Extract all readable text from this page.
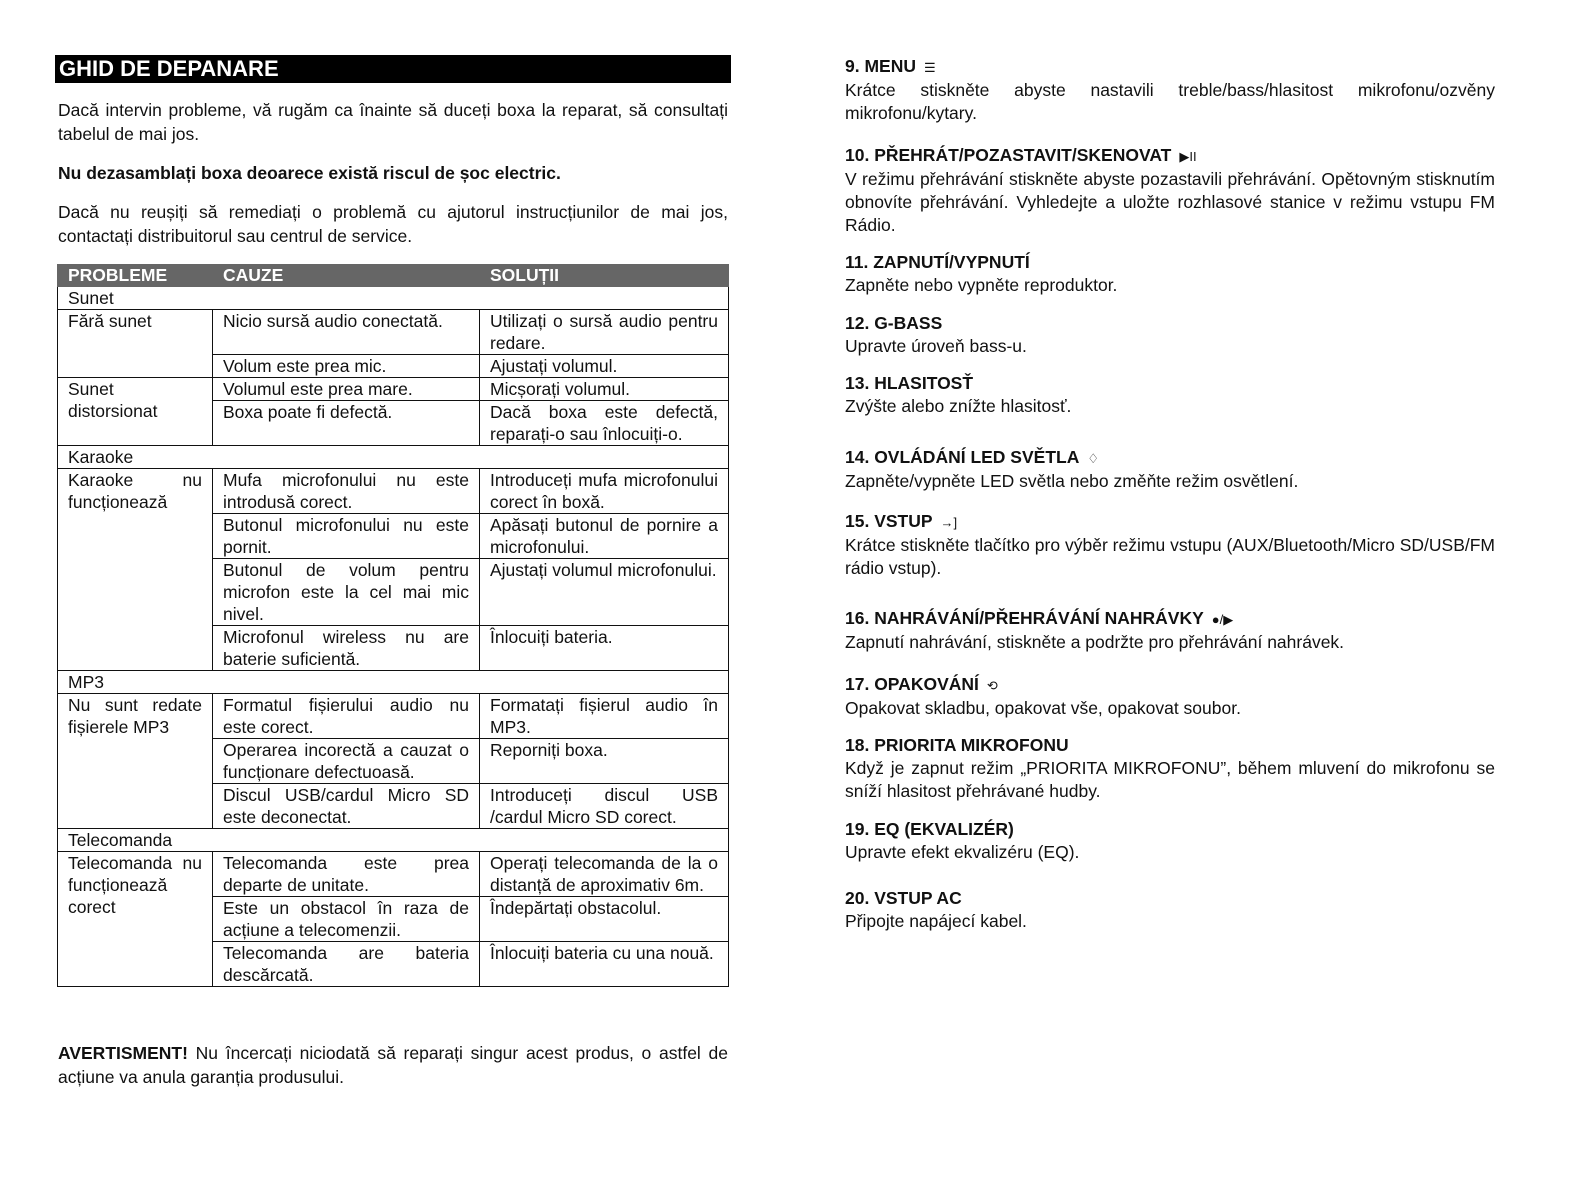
GHID DE DEPANARE
Dacă intervin probleme, vă rugăm ca înainte să duceți boxa la reparat, să consultați tabelul de mai jos.
Nu dezasamblați boxa deoarece există riscul de șoc electric.
Dacă nu reușiți să remediați o problemă cu ajutorul instrucțiunilor de mai jos, contactați distribuitorul sau centrul de service.
PROBLEME	CAUZE	SOLUȚII
Sunet		
Fără sunet	Nicio sursă audio conectată.	Utilizați o sursă audio pentru redare.
	Volum este prea mic.	Ajustați volumul.
Sunet distorsionat	Volumul este prea mare.	Micșorați volumul.
	Boxa poate fi defectă.	Dacă boxa este defectă, reparați-o sau înlocuiți-o.
Karaoke		
Karaoke nu funcționează	Mufa microfonului nu este introdusă corect.	Introduceți mufa microfonului corect în boxă.
	Butonul microfonului nu este pornit.	Apăsați butonul de pornire a microfonului.
	Butonul de volum pentru microfon este la cel mai mic nivel.	Ajustați volumul microfonului.
	Microfonul wireless nu are baterie suficientă.	Înlocuiți bateria.
MP3		
Nu sunt redate fișierele MP3	Formatul fișierului audio nu este corect.	Formatați fișierul audio în MP3.
	Operarea incorectă a cauzat o funcționare defectuoasă.	Reporniți boxa.
	Discul USB/cardul Micro SD este deconectat.	Introduceți discul USB /cardul Micro SD corect.
Telecomanda		
Telecomanda nu funcționează corect	Telecomanda este prea departe de unitate.	Operați telecomanda de la o distanță de aproximativ 6m.
	Este un obstacol în raza de acțiune a telecomenzii.	Îndepărtați obstacolul.
	Telecomanda are bateria descărcată.	Înlocuiți bateria cu una nouă.
AVERTISMENT! Nu încercați niciodată să reparați singur acest produs, o astfel de acțiune va anula garanția produsului.
9. MENU ☰

Krátce stiskněte abyste nastavili treble/bass/hlasitost mikrofonu/ozvěny mikrofonu/kytary.

10. PŘEHRÁT/POZASTAVIT/SKENOVAT ▶II

V režimu přehrávání stiskněte abyste pozastavili přehrávání. Opětovným stisknutím obnovíte přehrávání. Vyhledejte a uložte rozhlasové stanice v režimu vstupu FM Rádio.

11. ZAPNUTÍ/VYPNUTÍ

Zapněte nebo vypněte reproduktor.

12. G-BASS

Upravte úroveň bass-u.

13. HLASITOSŤ

Zvýšte alebo znížte hlasitosť.

14. OVLÁDÁNÍ LED SVĚTLA ♢

Zapněte/vypněte LED světla nebo změňte režim osvětlení.

15. VSTUP →]

Krátce stiskněte tlačítko pro výběr režimu vstupu (AUX/Bluetooth/Micro SD/USB/FM rádio vstup).

16. NAHRÁVÁNÍ/PŘEHRÁVÁNÍ NAHRÁVKY ●/▶

Zapnutí nahrávání, stiskněte a podržte pro přehrávání nahrávek.

17. OPAKOVÁNÍ ⟲

Opakovat skladbu, opakovat vše, opakovat soubor.

18. PRIORITA MIKROFONU

Když je zapnut režim „PRIORITA MIKROFONU”, během mluvení do mikrofonu se sníží hlasitost přehrávané hudby.

19. EQ (EKVALIZÉR)

Upravte efekt ekvalizéru (EQ).

20. VSTUP AC

Připojte napájecí kabel.
